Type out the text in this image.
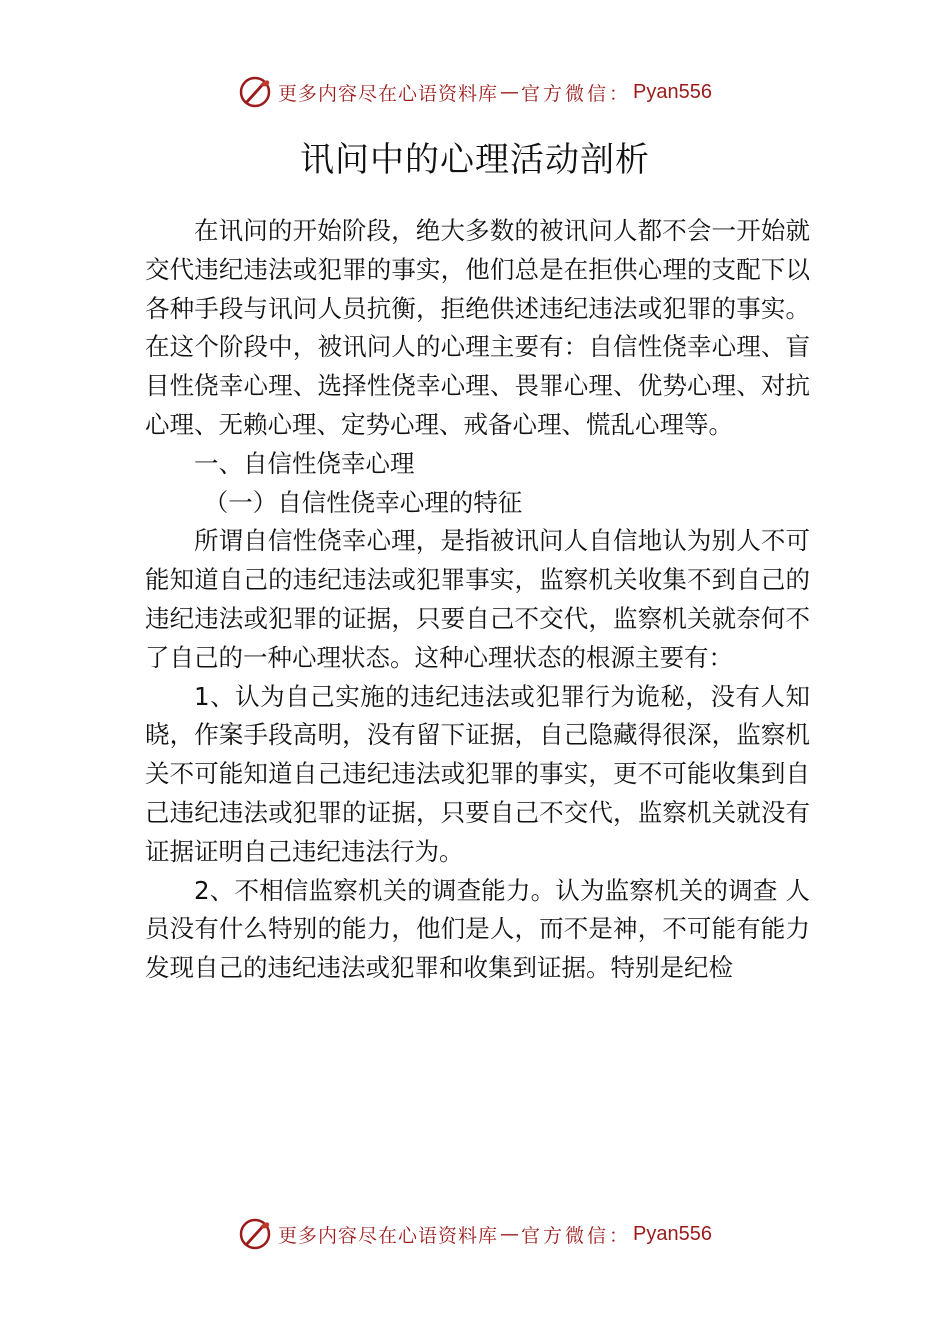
更多内容尽在心语资料库 — 官方微信： Pyan556
讯问中的心理活动剖析

在讯问的开始阶段，绝大多数的被讯问人都不会一开始就交代违纪违法或犯罪的事实，他们总是在拒供心理的支配下以各种手段与讯问人员抗衡，拒绝供述违纪违法或犯罪的事实。在这个阶段中，被讯问人的心理主要有：自信性侥幸心理、盲目性侥幸心理、选择性侥幸心理、畏罪心理、优势心理、对抗心理、无赖心理、定势心理、戒备心理、慌乱心理等。

一、自信性侥幸心理

（一）自信性侥幸心理的特征

所谓自信性侥幸心理，是指被讯问人自信地认为别人不可能知道自己的违纪违法或犯罪事实，监察机关收集不到自己的违纪违法或犯罪的证据，只要自己不交代，监察机关就奈何不了自己的一种心理状态。这种心理状态的根源主要有：

1、认为自己实施的违纪违法或犯罪行为诡秘，没有人知晓，作案手段高明，没有留下证据，自己隐藏得很深，监察机关不可能知道自己违纪违法或犯罪的事实，更不可能收集到自己违纪违法或犯罪的证据，只要自己不交代，监察机关就没有证据证明自己违纪违法行为。

2、不相信监察机关的调查能力。认为监察机关的调查 人员没有什么特别的能力，他们是人，而不是神，不可能有能力发现自己的违纪违法或犯罪和收集到证据。特别是纪检

更多内容尽在心语资料库 — 官方微信： Pyan556
